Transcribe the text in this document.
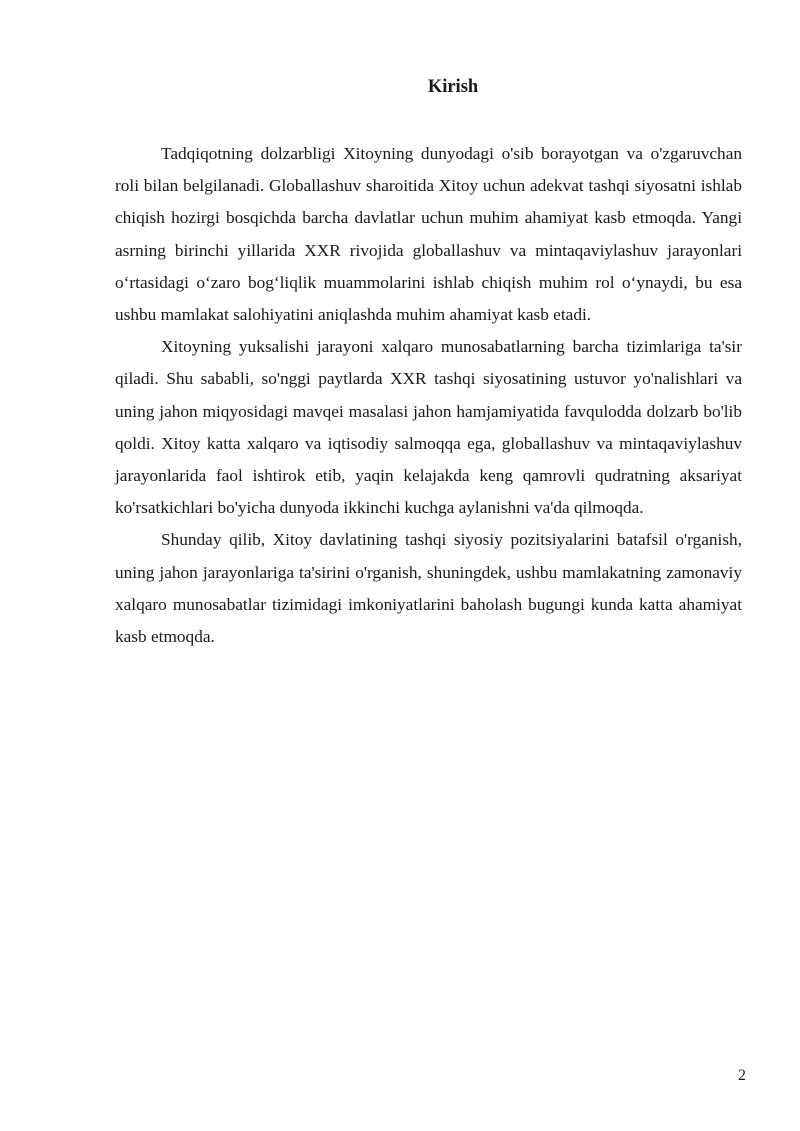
Kirish

Tadqiqotning dolzarbligi Xitoyning dunyodagi o'sib borayotgan va o'zgaruvchan roli bilan belgilanadi. Globallashuv sharoitida Xitoy uchun adekvat tashqi siyosatni ishlab chiqish hozirgi bosqichda barcha davlatlar uchun muhim ahamiyat kasb etmoqda. Yangi asrning birinchi yillarida XXR rivojida globallashuv va mintaqaviylashuv jarayonlari o‘rtasidagi o‘zaro bog‘liqlik muammolarini ishlab chiqish muhim rol o‘ynaydi, bu esa ushbu mamlakat salohiyatini aniqlashda muhim ahamiyat kasb etadi.

Xitoyning yuksalishi jarayoni xalqaro munosabatlarning barcha tizimlariga ta'sir qiladi. Shu sababli, so'nggi paytlarda XXR tashqi siyosatining ustuvor yo'nalishlari va uning jahon miqyosidagi mavqei masalasi jahon hamjamiyatida favqulodda dolzarb bo'lib qoldi. Xitoy katta xalqaro va iqtisodiy salmoqqa ega, globallashuv va mintaqaviylashuv jarayonlarida faol ishtirok etib, yaqin kelajakda keng qamrovli qudratning aksariyat ko'rsatkichlari bo'yicha dunyoda ikkinchi kuchga aylanishni va'da qilmoqda.

Shunday qilib, Xitoy davlatining tashqi siyosiy pozitsiyalarini batafsil o'rganish, uning jahon jarayonlariga ta'sirini o'rganish, shuningdek, ushbu mamlakatning zamonaviy xalqaro munosabatlar tizimidagi imkoniyatlarini baholash bugungi kunda katta ahamiyat kasb etmoqda.

2
